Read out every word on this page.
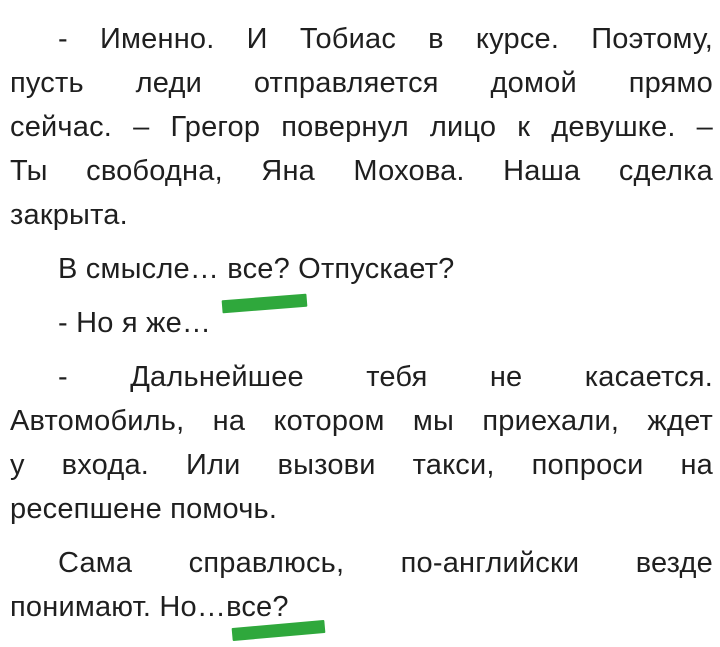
- Именно. И Тобиас в курсе. Поэтому,
пусть леди отправляется домой прямо
сейчас. – Грегор повернул лицо к девушке. –
Ты свободна, Яна Мохова. Наша сделка
закрыта.

В смысле… все? Отпускает?

- Но я же…

- Дальнейшее тебя не касается.
Автомобиль, на котором мы приехали, ждет
у входа. Или вызови такси, попроси на
ресепшене помочь.

Сама справлюсь, по-английски везде
понимают. Но…все?
